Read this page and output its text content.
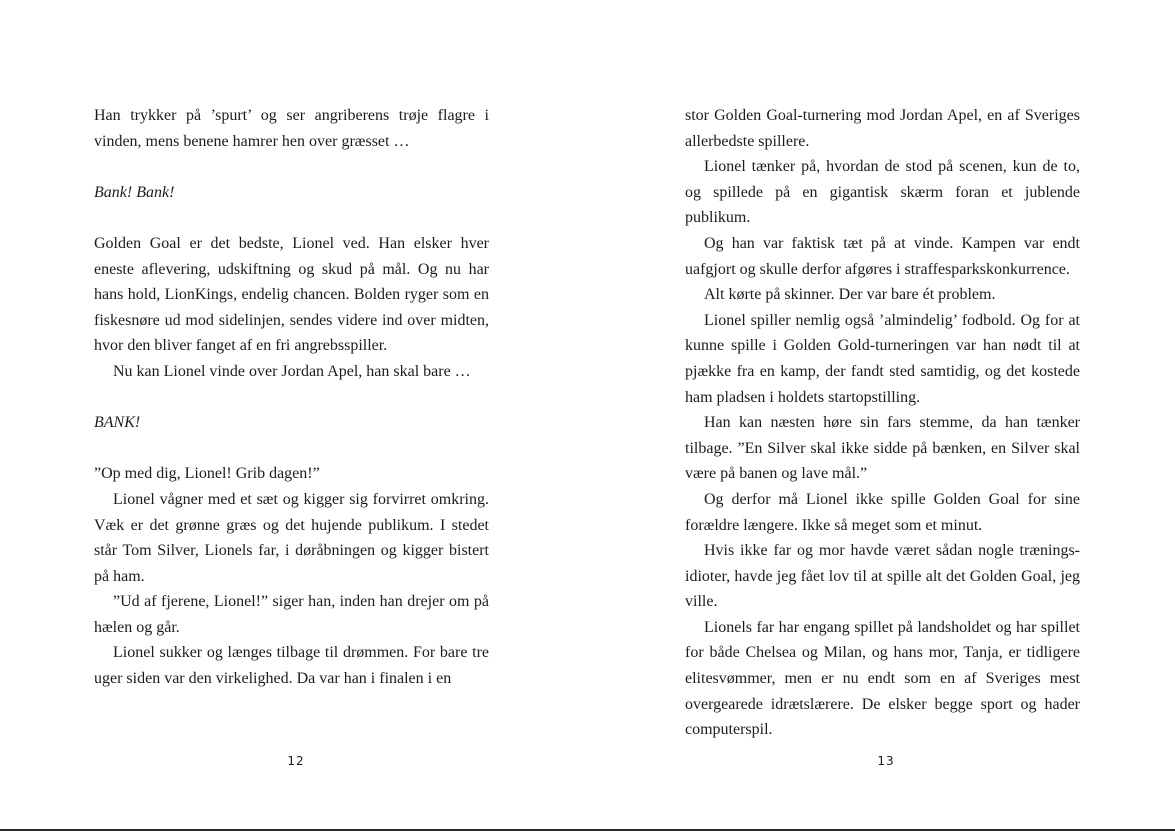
Han trykker på ’spurt’ og ser angriberens trøje flagre i vinden, mens benene hamrer hen over græsset …

Bank! Bank!

Golden Goal er det bedste, Lionel ved. Han elsker hver eneste aflevering, udskiftning og skud på mål. Og nu har hans hold, LionKings, endelig chancen. Bolden ryger som en fiskesnøre ud mod sidelinjen, sendes videre ind over midten, hvor den bliver fanget af en fri angrebsspiller.

Nu kan Lionel vinde over Jordan Apel, han skal bare …

BANK!

”Op med dig, Lionel! Grib dagen!”

Lionel vågner med et sæt og kigger sig forvirret omkring. Væk er det grønne græs og det hujende publikum. I stedet står Tom Silver, Lionels far, i døråbningen og kigger bistert på ham.

”Ud af fjerene, Lionel!” siger han, inden han drejer om på hælen og går.

Lionel sukker og længes tilbage til drømmen. For bare tre uger siden var den virkelighed. Da var han i finalen i en

stor Golden Goal-turnering mod Jordan Apel, en af Sveriges allerbedste spillere.

Lionel tænker på, hvordan de stod på scenen, kun de to, og spillede på en gigantisk skærm foran et jublende publikum.

Og han var faktisk tæt på at vinde. Kampen var endt uafgjort og skulle derfor afgøres i straffesparkskonkurrence.

Alt kørte på skinner. Der var bare ét problem.

Lionel spiller nemlig også ’almindelig’ fodbold. Og for at kunne spille i Golden Gold-turneringen var han nødt til at pjække fra en kamp, der fandt sted samtidig, og det kostede ham pladsen i holdets startopstilling.

Han kan næsten høre sin fars stemme, da han tænker tilbage. ”En Silver skal ikke sidde på bænken, en Silver skal være på banen og lave mål.”

Og derfor må Lionel ikke spille Golden Goal for sine forældre længere. Ikke så meget som et minut.

Hvis ikke far og mor havde været sådan nogle træningsidioter, havde jeg fået lov til at spille alt det Golden Goal, jeg ville.

Lionels far har engang spillet på landsholdet og har spillet for både Chelsea og Milan, og hans mor, Tanja, er tidligere elitesvømmer, men er nu endt som en af Sveriges mest overgearede idrætslærere. De elsker begge sport og hader computerspil.

12	13
